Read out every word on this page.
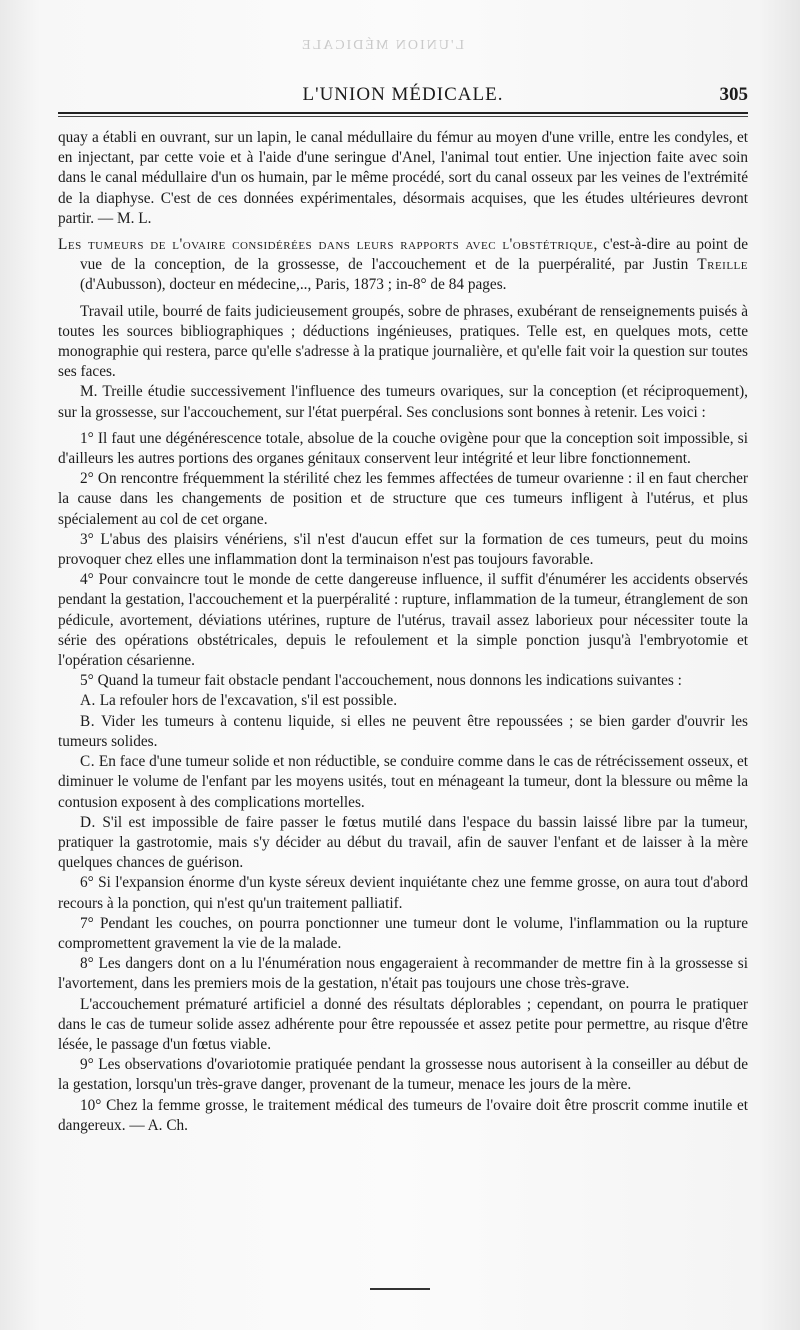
L'UNION MÉDICALE
L'UNION MÉDICALE.	305

quay a établi en ouvrant, sur un lapin, le canal médullaire du fémur au moyen d'une vrille, entre les condyles, et en injectant, par cette voie et à l'aide d'une seringue d'Anel, l'animal tout entier. Une injection faite avec soin dans le canal médullaire d'un os humain, par le même procédé, sort du canal osseux par les veines de l'extrémité de la diaphyse. C'est de ces données expérimentales, désormais acquises, que les études ultérieures devront partir. — M. L.

Les tumeurs de l'ovaire considérées dans leurs rapports avec l'obstétrique, c'est-à-dire au point de vue de la conception, de la grossesse, de l'accouchement et de la puerpéralité, par Justin Treille (d'Aubusson), docteur en médecine,.., Paris, 1873 ; in-8° de 84 pages.

Travail utile, bourré de faits judicieusement groupés, sobre de phrases, exubérant de renseignements puisés à toutes les sources bibliographiques ; déductions ingénieuses, pratiques. Telle est, en quelques mots, cette monographie qui restera, parce qu'elle s'adresse à la pratique journalière, et qu'elle fait voir la question sur toutes ses faces.

M. Treille étudie successivement l'influence des tumeurs ovariques, sur la conception (et réciproquement), sur la grossesse, sur l'accouchement, sur l'état puerpéral. Ses conclusions sont bonnes à retenir. Les voici :

1° Il faut une dégénérescence totale, absolue de la couche ovigène pour que la conception soit impossible, si d'ailleurs les autres portions des organes génitaux conservent leur intégrité et leur libre fonctionnement.

2° On rencontre fréquemment la stérilité chez les femmes affectées de tumeur ovarienne : il en faut chercher la cause dans les changements de position et de structure que ces tumeurs infligent à l'utérus, et plus spécialement au col de cet organe.

3° L'abus des plaisirs vénériens, s'il n'est d'aucun effet sur la formation de ces tumeurs, peut du moins provoquer chez elles une inflammation dont la terminaison n'est pas toujours favorable.

4° Pour convaincre tout le monde de cette dangereuse influence, il suffit d'énumérer les accidents observés pendant la gestation, l'accouchement et la puerpéralité : rupture, inflammation de la tumeur, étranglement de son pédicule, avortement, déviations utérines, rupture de l'utérus, travail assez laborieux pour nécessiter toute la série des opérations obstétricales, depuis le refoulement et la simple ponction jusqu'à l'embryotomie et l'opération césarienne.

5° Quand la tumeur fait obstacle pendant l'accouchement, nous donnons les indications suivantes :

A. La refouler hors de l'excavation, s'il est possible.

B. Vider les tumeurs à contenu liquide, si elles ne peuvent être repoussées ; se bien garder d'ouvrir les tumeurs solides.

C. En face d'une tumeur solide et non réductible, se conduire comme dans le cas de rétrécissement osseux, et diminuer le volume de l'enfant par les moyens usités, tout en ménageant la tumeur, dont la blessure ou même la contusion exposent à des complications mortelles.

D. S'il est impossible de faire passer le fœtus mutilé dans l'espace du bassin laissé libre par la tumeur, pratiquer la gastrotomie, mais s'y décider au début du travail, afin de sauver l'enfant et de laisser à la mère quelques chances de guérison.

6° Si l'expansion énorme d'un kyste séreux devient inquiétante chez une femme grosse, on aura tout d'abord recours à la ponction, qui n'est qu'un traitement palliatif.

7° Pendant les couches, on pourra ponctionner une tumeur dont le volume, l'inflammation ou la rupture compromettent gravement la vie de la malade.

8° Les dangers dont on a lu l'énumération nous engageraient à recommander de mettre fin à la grossesse si l'avortement, dans les premiers mois de la gestation, n'était pas toujours une chose très-grave.

L'accouchement prématuré artificiel a donné des résultats déplorables ; cependant, on pourra le pratiquer dans le cas de tumeur solide assez adhérente pour être repoussée et assez petite pour permettre, au risque d'être lésée, le passage d'un fœtus viable.

9° Les observations d'ovariotomie pratiquée pendant la grossesse nous autorisent à la conseiller au début de la gestation, lorsqu'un très-grave danger, provenant de la tumeur, menace les jours de la mère.

10° Chez la femme grosse, le traitement médical des tumeurs de l'ovaire doit être proscrit comme inutile et dangereux. — A. Ch.
